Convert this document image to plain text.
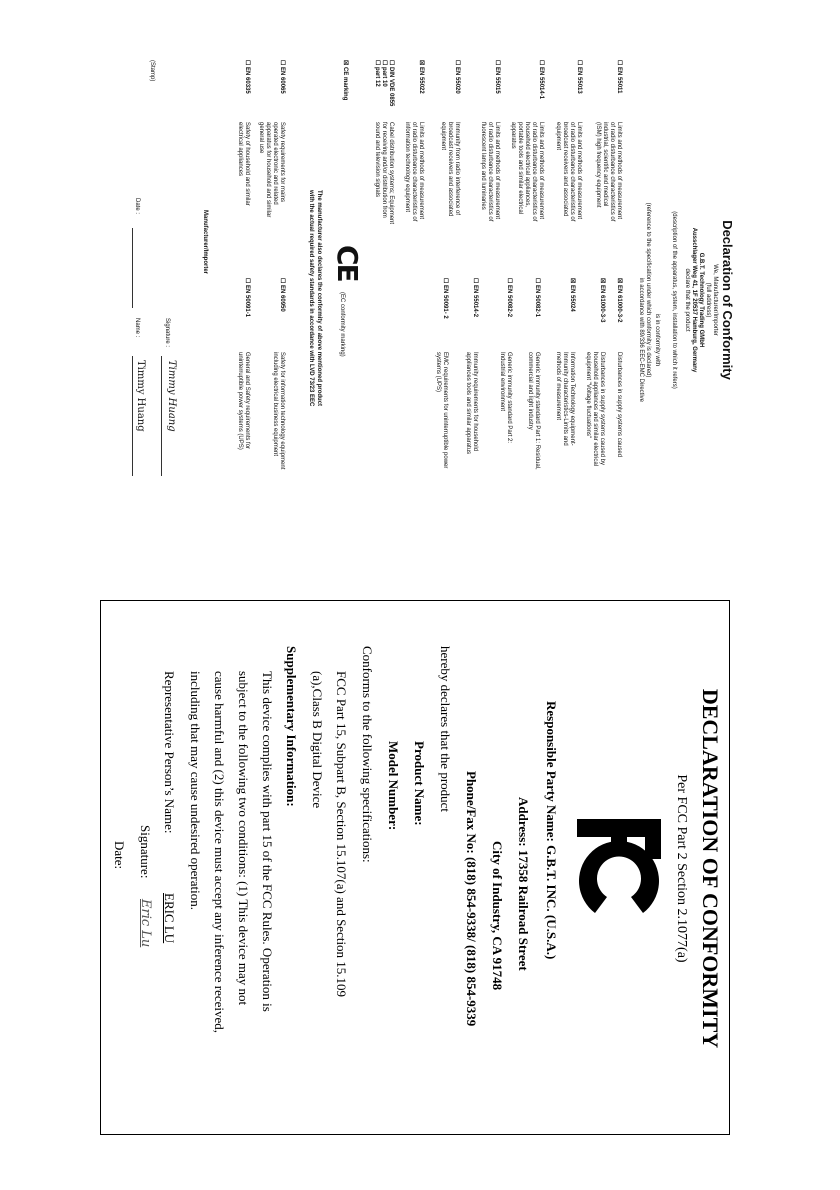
Declaration of Conformity
We, Manufacturer/Importer
(full address)
G.B.T. Technology Trading GMbH
Ausschlager Weg 41, 1F 20537 Hamburg, Germany
declare that the product
(description of the apparatus, system, installation to which it refers)
is in conformity with
(reference to the specification under which conformity is declared)
in accordance with 89/336 EEC-EMC Directive
☐ EN 55011
Limits and methods of measurement of radio disturbance characteristics of industrial, scientific and medical (ISM) high frequency equipment
☐ EN 55013
Limits and methods of measurement of radio disturbance characteristics of broadcast receivers and associated equipment
☐ EN 55014-1
Limits and methods of measurement of radio disturbance characteristics of household electrical appliances, portable tools and similar electrical apparatus
☐ EN 55015
Limits and methods of measurement of radio disturbance characteristics of fluorescent lamps and luminaries
☐ EN 55020
Immunity from radio interference of broadcast receivers and associated equipment
☒ EN 55022
Limits and methods of measurement of radio disturbance characteristics of information technology equipment
☐ DIN VDE 0855
☐ part 10
☐ part 12
Cabel distribution systems; Equipment for receiving and/or distribution from sound and television signals
☒ CE marking
☐ EN 60065
Safety requirements for mains operated electronic and related apparatus for household and similar general use
☐ EN 60335
Safety of household and similar electrical appliances
☒ EN 61000-3-2
Disturbances in supply systems caused
☒ EN 61000-3-3
Disturbances in supply systems caused by household appliances and similar electrical equipment "Voltage fluctuations"
☒ EN 55024
Information Technology equipment-Immunity characteristics-Limits and methods of measurement
☐ EN 50082-1
Generic immunity standard Part 1: Residual, commercial and light industry
☐ EN 50082-2
Generic immunity standard Part 2: Industrial environment
☐ EN 55014-2
Immunity requirements for household appliances tools and similar apparatus
☐ EN 50091- 2
EMC requirements for uninterruptible power systems (UPS)
☐ EN 60950
Safety for information technology equipment including electrical business equipment
☐ EN 50091-1
General and Safety requirements for uninterruptible power systems (UPS)
CE
(EC conformity marking)
The manufacturer also declares the conformity of above mentioned product
with the actual required safety standards in accordance with LVD 73/23 EEC
Manufacturer/Importer
(Stamp)
Signature :
Timmy Huang
Date :
Name :
Timmy Huang
DECLARATION OF CONFORMITY
Per FCC Part 2 Section 2.1077(a)
Responsible Party Name: G.B.T. INC. (U.S.A.)
Address: 17358 Railroad Street
City of Industry, CA 91748
Phone/Fax No: (818) 854-9338/ (818) 854-9339
hereby declares that the product
Product Name:
Model Number:
Conforms to the following specifications:
FCC Part 15, Subpart B, Section 15.107(a) and Section 15.109
(a),Class B Digital Device
Supplementary Information:
This device complies with part 15 of the FCC Rules. Operation is
subject to the following two conditions: (1) This device may not
cause harmful and (2) this device must accept any inference received,
including that may cause undesired operation.
Representative Person’s Name:
ERIC LU
Signature:
Eric Lu
Date:
